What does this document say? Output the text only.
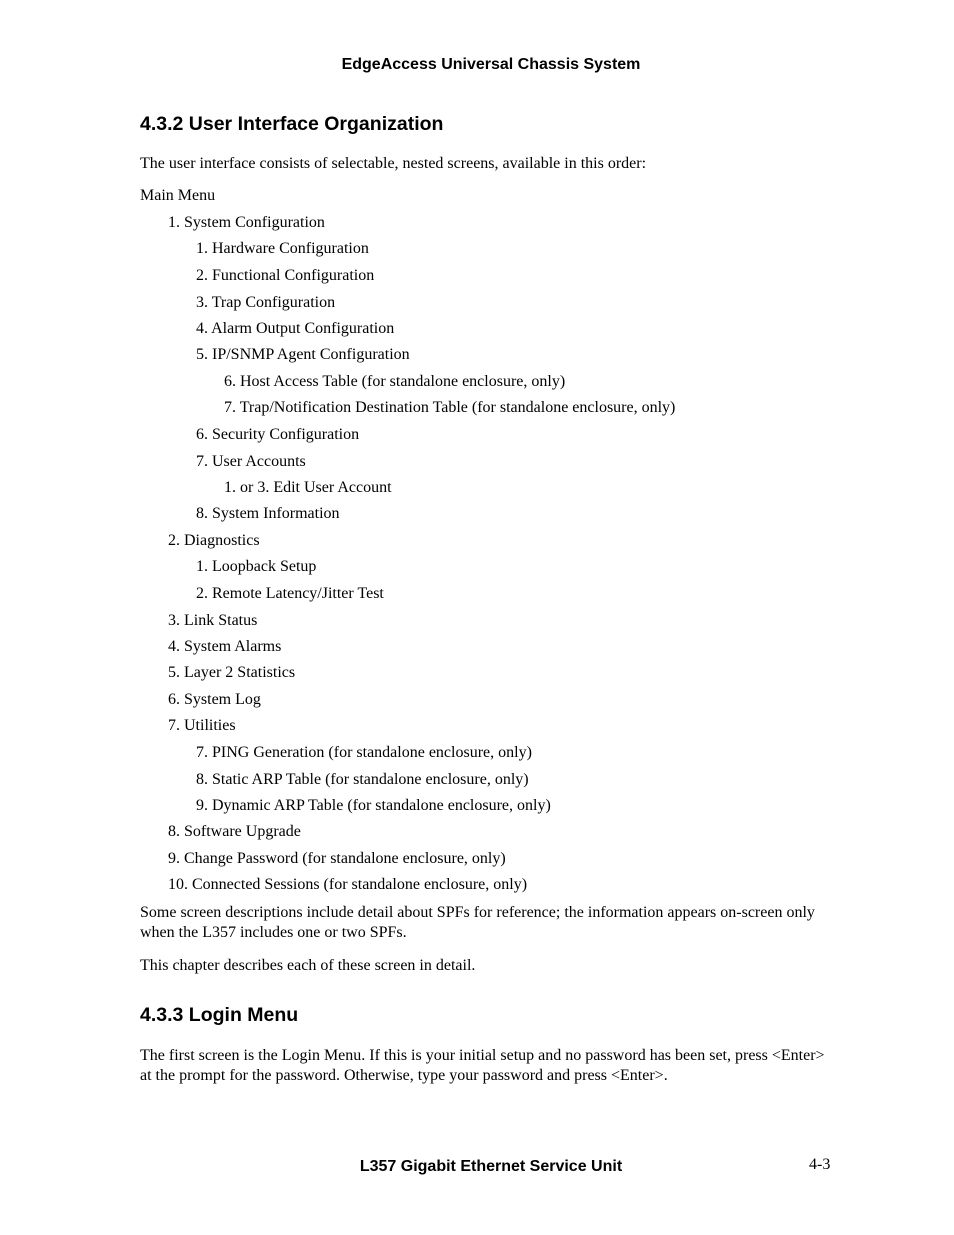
EdgeAccess Universal Chassis System
4.3.2 User Interface Organization
The user interface consists of selectable, nested screens, available in this order:
Main Menu
1. System Configuration
1. Hardware Configuration
2. Functional Configuration
3. Trap Configuration
4. Alarm Output Configuration
5. IP/SNMP Agent Configuration
6. Host Access Table (for standalone enclosure, only)
7. Trap/Notification Destination Table (for standalone enclosure, only)
6. Security Configuration
7. User Accounts
1. or 3. Edit User Account
8. System Information
2. Diagnostics
1. Loopback Setup
2. Remote Latency/Jitter Test
3. Link Status
4. System Alarms
5. Layer 2 Statistics
6. System Log
7. Utilities
7. PING Generation (for standalone enclosure, only)
8. Static ARP Table (for standalone enclosure, only)
9. Dynamic ARP Table (for standalone enclosure, only)
8. Software Upgrade
9. Change Password (for standalone enclosure, only)
10. Connected Sessions (for standalone enclosure, only)
Some screen descriptions include detail about SPFs for reference; the information appears on-screen only when the L357 includes one or two SPFs.
This chapter describes each of these screen in detail.
4.3.3 Login Menu
The first screen is the Login Menu. If this is your initial setup and no password has been set, press <Enter> at the prompt for the password. Otherwise, type your password and press <Enter>.
L357 Gigabit Ethernet Service Unit	4-3
